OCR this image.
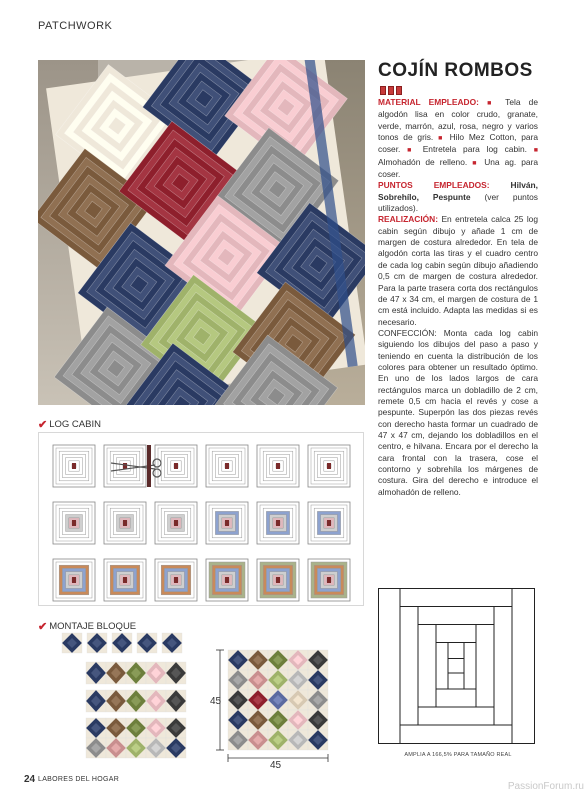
PATCHWORK
COJÍN ROMBOS
MATERIAL EMPLEADO: ■ Tela de algodón lisa en color crudo, granate, verde, marrón, azul, rosa, negro y varios tonos de gris. ■ Hilo Mez Cotton, para coser. ■ Entretela para log cabin. ■ Almohadón de relleno. ■ Una ag. para coser.
PUNTOS EMPLEADOS: Hilván, Sobrehílo, Pespunte (ver puntos utilizados).
REALIZACIÓN: En entretela calca 25 log cabin según dibujo y añade 1 cm de margen de costura alrededor. En tela de algodón corta las tiras y el cuadro centro de cada log cabin según dibujo añadiendo 0,5 cm de margen de costura alrededor. Para la parte trasera corta dos rectángulos de 47 x 34 cm, el margen de costura de 1 cm está incluido. Adapta las medidas si es necesario.
CONFECCIÓN: Monta cada log cabin siguiendo los dibujos del paso a paso y teniendo en cuenta la distribución de los colores para obtener un resultado óptimo. En uno de los lados largos de cara rectángulos marca un dobladillo de 2 cm, remete 0,5 cm hacia el revés y cose a pespunte. Superpón las dos piezas revés con derecho hasta formar un cuadrado de 47 x 47 cm, dejando los dobladillos en el centro, e hilvana. Encara por el derecho la cara frontal con la trasera, cose el contorno y sobrehíla los márgenes de costura. Gira del derecho e introduce el almohadón de relleno.
✔ LOG CABIN
✔ MONTAJE BLOQUE
45
45
AMPLIA A 166,5% PARA TAMAÑO REAL
24 LABORES DEL HOGAR
PassionForum.ru
